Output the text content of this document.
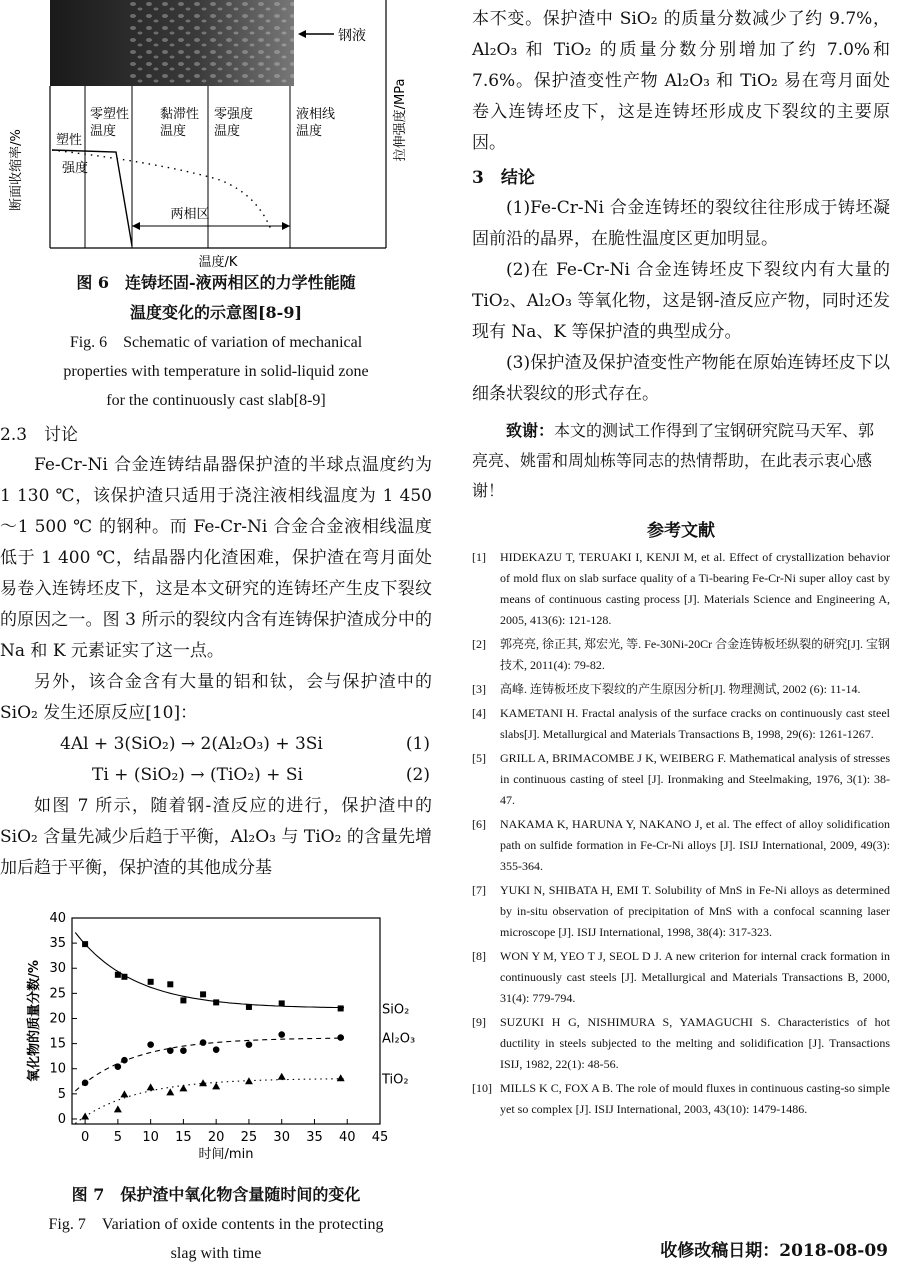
钢液
零塑性温度
黏滞性温度
零强度温度
液相线温度
断面收缩率/%
拉伸强度/MPa
塑性
强度
两相区
温度/K

图 6　连铸坯固-液两相区的力学性能随

温度变化的示意图[8-9]

Fig. 6　Schematic of variation of mechanical

properties with temperature in solid-liquid zone

for the continuously cast slab[8-9]

2.3　讨论

Fe-Cr-Ni 合金连铸结晶器保护渣的半球点温度约为 1 130 ℃，该保护渣只适用于浇注液相线温度为 1 450～1 500 ℃ 的钢种。而 Fe-Cr-Ni 合金合金液相线温度低于 1 400 ℃，结晶器内化渣困难，保护渣在弯月面处易卷入连铸坯皮下，这是本文研究的连铸坯产生皮下裂纹的原因之一。图 3 所示的裂纹内含有连铸保护渣成分中的 Na 和 K 元素证实了这一点。

另外，该合金含有大量的铝和钛，会与保护渣中的 SiO₂ 发生还原反应[10]：

4Al + 3(SiO₂) → 2(Al₂O₃) + 3Si	(1)
Ti + (SiO₂) → (TiO₂) + Si	(2)

如图 7 所示，随着钢-渣反应的进行，保护渣中的 SiO₂ 含量先减少后趋于平衡，Al₂O₃ 与 TiO₂ 的含量先增加后趋于平衡，保护渣的其他成分基

0 5 10 15 20 25 30 35 40 45
0
5
10
15
20
25
30
35
40
时间/min
氧化物的质量分数/%	SiO₂
Al₂O₃
TiO₂

图 7　保护渣中氧化物含量随时间的变化

Fig. 7　Variation of oxide contents in the protecting

slag with time

本不变。保护渣中 SiO₂ 的质量分数减少了约 9.7%，Al₂O₃ 和 TiO₂ 的质量分数分别增加了约 7.0%和7.6%。保护渣变性产物 Al₂O₃ 和 TiO₂ 易在弯月面处卷入连铸坯皮下，这是连铸坯形成皮下裂纹的主要原因。

3　结论

(1)Fe-Cr-Ni 合金连铸坯的裂纹往往形成于铸坯凝固前沿的晶界，在脆性温度区更加明显。

(2)在 Fe-Cr-Ni 合金连铸坯皮下裂纹内有大量的 TiO₂、Al₂O₃ 等氧化物，这是钢-渣反应产物，同时还发现有 Na、K 等保护渣的典型成分。

(3)保护渣及保护渣变性产物能在原始连铸坯皮下以细条状裂纹的形式存在。

致谢：本文的测试工作得到了宝钢研究院马天军、郭亮亮、姚雷和周灿栋等同志的热情帮助，在此表示衷心感谢！

参考文献

[1]	HIDEKAZU T, TERUAKI I, KENJI M, et al. Effect of crystallization behavior of mold flux on slab surface quality of a Ti-bearing Fe-Cr-Ni super alloy cast by means of continuous casting process [J]. Materials Science and Engineering A, 2005, 413(6): 121-128.
[2]	郭亮亮, 徐正其, 郑宏光, 等. Fe-30Ni-20Cr 合金连铸板坯纵裂的研究[J]. 宝钢技术, 2011(4): 79-82.
[3]	高峰. 连铸板坯皮下裂纹的产生原因分析[J]. 物理测试, 2002 (6): 11-14.
[4]	KAMETANI H. Fractal analysis of the surface cracks on continuously cast steel slabs[J]. Metallurgical and Materials Transactions B, 1998, 29(6): 1261-1267.
[5]	GRILL A, BRIMACOMBE J K, WEIBERG F. Mathematical analysis of stresses in continuous casting of steel [J]. Ironmaking and Steelmaking, 1976, 3(1): 38-47.
[6]	NAKAMA K, HARUNA Y, NAKANO J, et al. The effect of alloy solidification path on sulfide formation in Fe-Cr-Ni alloys [J]. ISIJ International, 2009, 49(3): 355-364.
[7]	YUKI N, SHIBATA H, EMI T. Solubility of MnS in Fe-Ni alloys as determined by in-situ observation of precipitation of MnS with a confocal scanning laser microscope [J]. ISIJ International, 1998, 38(4): 317-323.
[8]	WON Y M, YEO T J, SEOL D J. A new criterion for internal crack formation in continuously cast steels [J]. Metallurgical and Materials Transactions B, 2000, 31(4): 779-794.
[9]	SUZUKI H G, NISHIMURA S, YAMAGUCHI S. Characteristics of hot ductility in steels subjected to the melting and solidification [J]. Transactions ISIJ, 1982, 22(1): 48-56.
[10] MILLS K C, FOX A B. The role of mould fluxes in continuous casting-so simple yet so complex [J]. ISIJ International, 2003, 43(10): 1479-1486.
收修改稿日期：2018-08-09
